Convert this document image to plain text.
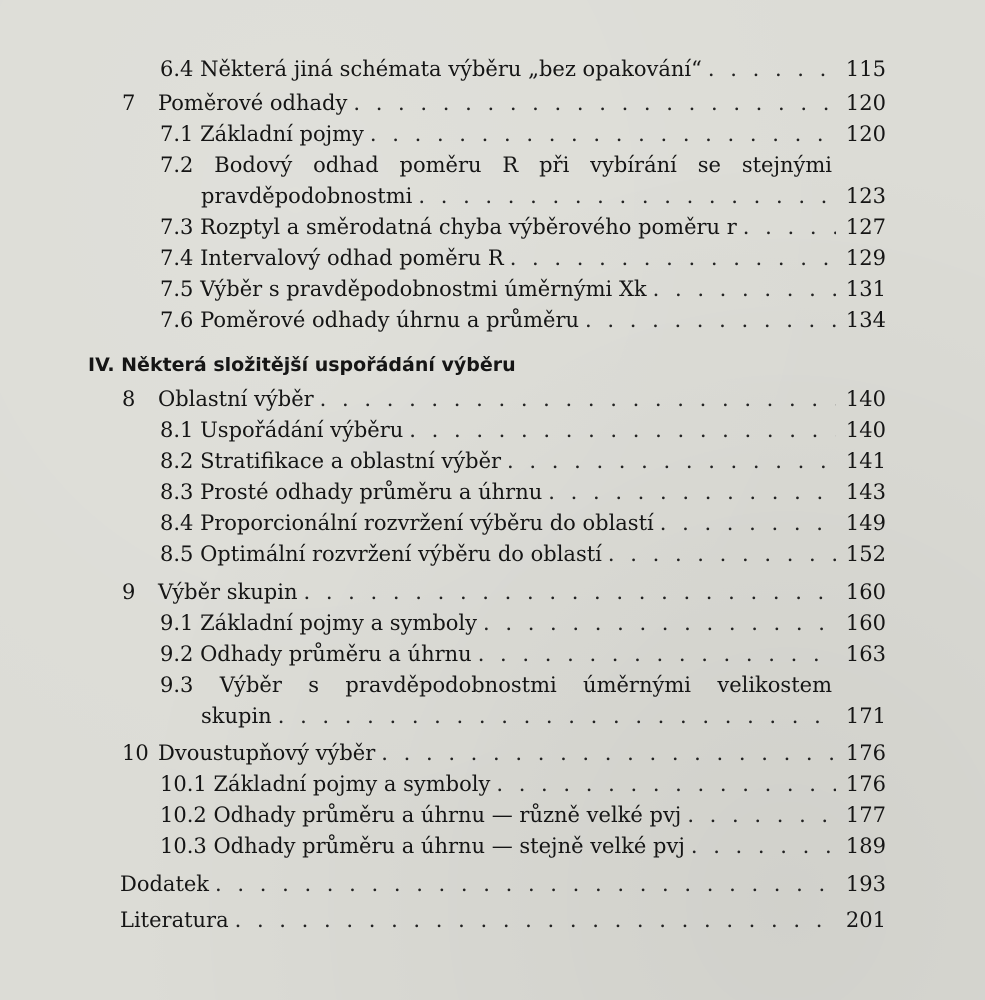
6.4 Některá jiná schémata výběru „bez opakování“ . . .	115
7 Poměrové odhady . . .	120
7.1 Základní pojmy . . .	120
7.2 Bodový odhad poměru R při vybírání se stejnými
pravděpodobnostmi . . .	123
7.3 Rozptyl a směrodatná chyba výběrového poměru r . . .	127
7.4 Intervalový odhad poměru R . . .	129
7.5 Výběr s pravděpodobnostmi úměrnými Xk . . .	131
7.6 Poměrové odhady úhrnu a průměru . . .	134
IV. Některá složitější uspořádání výběru
8 Oblastní výběr . . .	140
8.1 Uspořádání výběru . . .	140
8.2 Stratifikace a oblastní výběr . . .	141
8.3 Prosté odhady průměru a úhrnu . . .	143
8.4 Proporcionální rozvržení výběru do oblastí . . .	149
8.5 Optimální rozvržení výběru do oblastí . . .	152
9 Výběr skupin . . .	160
9.1 Základní pojmy a symboly . . .	160
9.2 Odhady průměru a úhrnu . . .	163
9.3 Výběr s pravděpodobnostmi úměrnými velikostem
skupin . . .	171
10 Dvoustupňový výběr . . .	176
10.1 Základní pojmy a symboly . . .	176
10.2 Odhady průměru a úhrnu — různě velké pvj . . .	177
10.3 Odhady průměru a úhrnu — stejně velké pvj . . .	189
Dodatek . . .	193
Literatura . . .	201
